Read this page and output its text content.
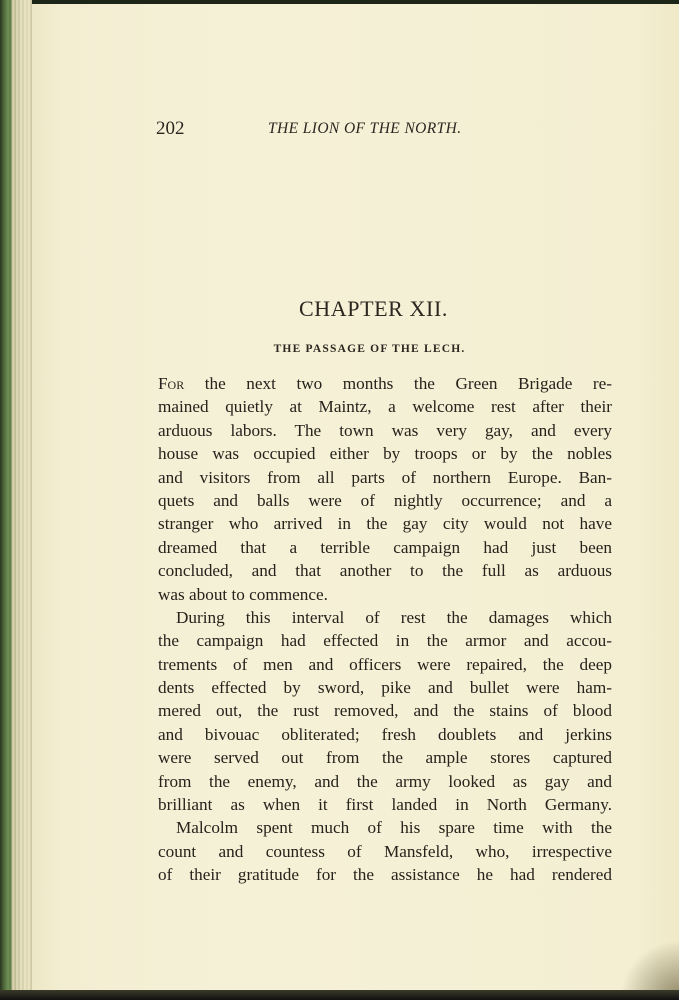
202	THE LION OF THE NORTH.
CHAPTER XII.
THE PASSAGE OF THE LECH.
For the next two months the Green Brigade re-
mained quietly at Maintz, a welcome rest after their
arduous labors. The town was very gay, and every
house was occupied either by troops or by the nobles
and visitors from all parts of northern Europe. Ban-
quets and balls were of nightly occurrence; and a
stranger who arrived in the gay city would not have
dreamed that a terrible campaign had just been
concluded, and that another to the full as arduous
was about to commence.
During this interval of rest the damages which
the campaign had effected in the armor and accou-
trements of men and officers were repaired, the deep
dents effected by sword, pike and bullet were ham-
mered out, the rust removed, and the stains of blood
and bivouac obliterated; fresh doublets and jerkins
were served out from the ample stores captured
from the enemy, and the army looked as gay and
brilliant as when it first landed in North Germany.
Malcolm spent much of his spare time with the
count and countess of Mansfeld, who, irrespective
of their gratitude for the assistance he had rendered
